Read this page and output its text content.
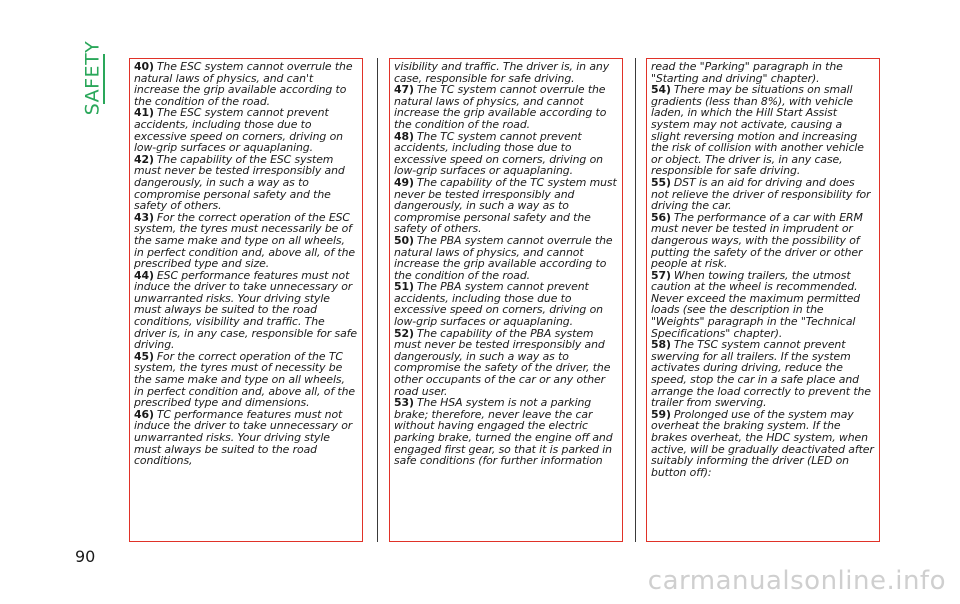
SAFETY	40) The ESC system cannot overrule the natural laws of physics, and can't increase the grip available according to the condition of the road.

41) The ESC system cannot prevent accidents, including those due to excessive speed on corners, driving on low-grip surfaces or aquaplaning.

42) The capability of the ESC system must never be tested irresponsibly and dangerously, in such a way as to compromise personal safety and the safety of others.

43) For the correct operation of the ESC system, the tyres must necessarily be of the same make and type on all wheels, in perfect condition and, above all, of the prescribed type and size.

44) ESC performance features must not induce the driver to take unnecessary or unwarranted risks. Your driving style must always be suited to the road conditions, visibility and traffic. The driver is, in any case, responsible for safe driving.

45) For the correct operation of the TC system, the tyres must of necessity be the same make and type on all wheels, in perfect condition and, above all, of the prescribed type and dimensions.

46) TC performance features must not induce the driver to take unnecessary or unwarranted risks. Your driving style must always be suited to the road conditions,

visibility and traffic. The driver is, in any case, responsible for safe driving.

47) The TC system cannot overrule the natural laws of physics, and cannot increase the grip available according to the condition of the road.

48) The TC system cannot prevent accidents, including those due to excessive speed on corners, driving on low-grip surfaces or aquaplaning.

49) The capability of the TC system must never be tested irresponsibly and dangerously, in such a way as to compromise personal safety and the safety of others.

50) The PBA system cannot overrule the natural laws of physics, and cannot increase the grip available according to the condition of the road.

51) The PBA system cannot prevent accidents, including those due to excessive speed on corners, driving on low-grip surfaces or aquaplaning.

52) The capability of the PBA system must never be tested irresponsibly and dangerously, in such a way as to compromise the safety of the driver, the other occupants of the car or any other road user.

53) The HSA system is not a parking brake; therefore, never leave the car without having engaged the electric parking brake, turned the engine off and engaged first gear, so that it is parked in safe conditions (for further information

read the "Parking" paragraph in the "Starting and driving" chapter).

54) There may be situations on small gradients (less than 8%), with vehicle laden, in which the Hill Start Assist system may not activate, causing a slight reversing motion and increasing the risk of collision with another vehicle or object. The driver is, in any case, responsible for safe driving.

55) DST is an aid for driving and does not relieve the driver of responsibility for driving the car.

56) The performance of a car with ERM must never be tested in imprudent or dangerous ways, with the possibility of putting the safety of the driver or other people at risk.

57) When towing trailers, the utmost caution at the wheel is recommended. Never exceed the maximum permitted loads (see the description in the "Weights" paragraph in the "Technical Specifications" chapter).

58) The TSC system cannot prevent swerving for all trailers. If the system activates during driving, reduce the speed, stop the car in a safe place and arrange the load correctly to prevent the trailer from swerving.

59) Prolonged use of the system may overheat the braking system. If the brakes overheat, the HDC system, when active, will be gradually deactivated after suitably informing the driver (LED on button off):

90
carmanualsonline.info
